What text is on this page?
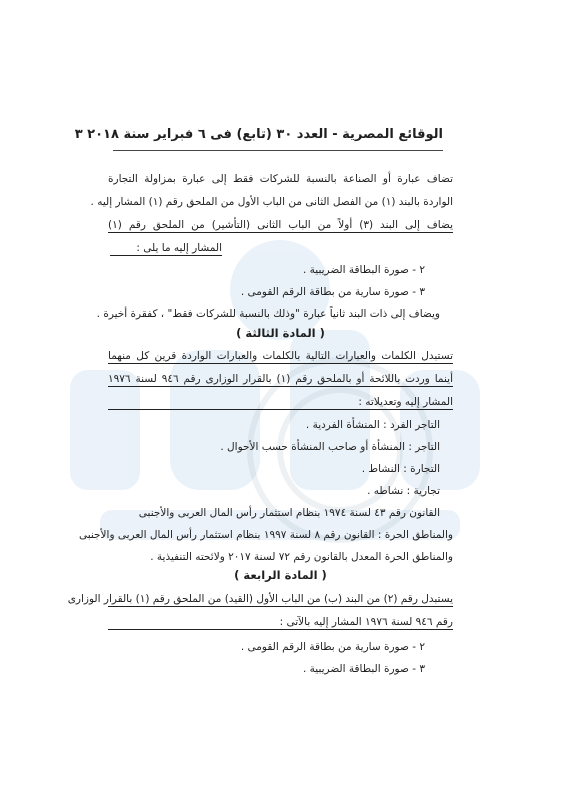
الوقائع المصرية - العدد ٣٠ (تابع) فى ٦ فبراير سنة ٢٠١٨ ٣
تضاف عبارة أو الصناعة بالنسبة للشركات فقط إلى عبارة بمزاولة التجارة
الواردة بالبند (١) من الفصل الثانى من الباب الأول من الملحق رقم (١) المشار إليه .
يضاف إلى البند (٣) أولاً من الباب الثانى (التأشير) من الملحق رقم (١)
المشار إليه ما يلى :
٢ - صورة البطاقة الضريبية .
٣ - صورة سارية من بطاقة الرقم القومى .
ويضاف إلى ذات البند ثانياً عبارة "وذلك بالنسبة للشركات فقط" ، كفقرة أخيرة .
( المادة الثالثة )
تستبدل الكلمات والعبارات التالية بالكلمات والعبارات الواردة قرين كل منهما
أينما وردت باللائحة أو بالملحق رقم (١) بالقرار الوزارى رقم ٩٤٦ لسنة ١٩٧٦
المشار إليه وتعديلاته :
التاجر الفرد : المنشأة الفردية .
التاجر : المنشأة أو صاحب المنشأة حسب الأحوال .
التجارة : النشاط .
تجارية : نشاطه .
القانون رقم ٤٣ لسنة ١٩٧٤ بنظام استثمار رأس المال العربى والأجنبى
والمناطق الحرة : القانون رقم ٨ لسنة ١٩٩٧ بنظام استثمار رأس المال العربى والأجنبى
والمناطق الحرة المعدل بالقانون رقم ٧٢ لسنة ٢٠١٧ ولائحته التنفيذية .
( المادة الرابعة )
يستبدل رقم (٢) من البند (ب) من الباب الأول (القيد) من الملحق رقم (١) بالقرار الوزارى
رقم ٩٤٦ لسنة ١٩٧٦ المشار إليه بالآتى :
٢ - صورة سارية من بطاقة الرقم القومى .
٣ - صورة البطاقة الضريبية .
